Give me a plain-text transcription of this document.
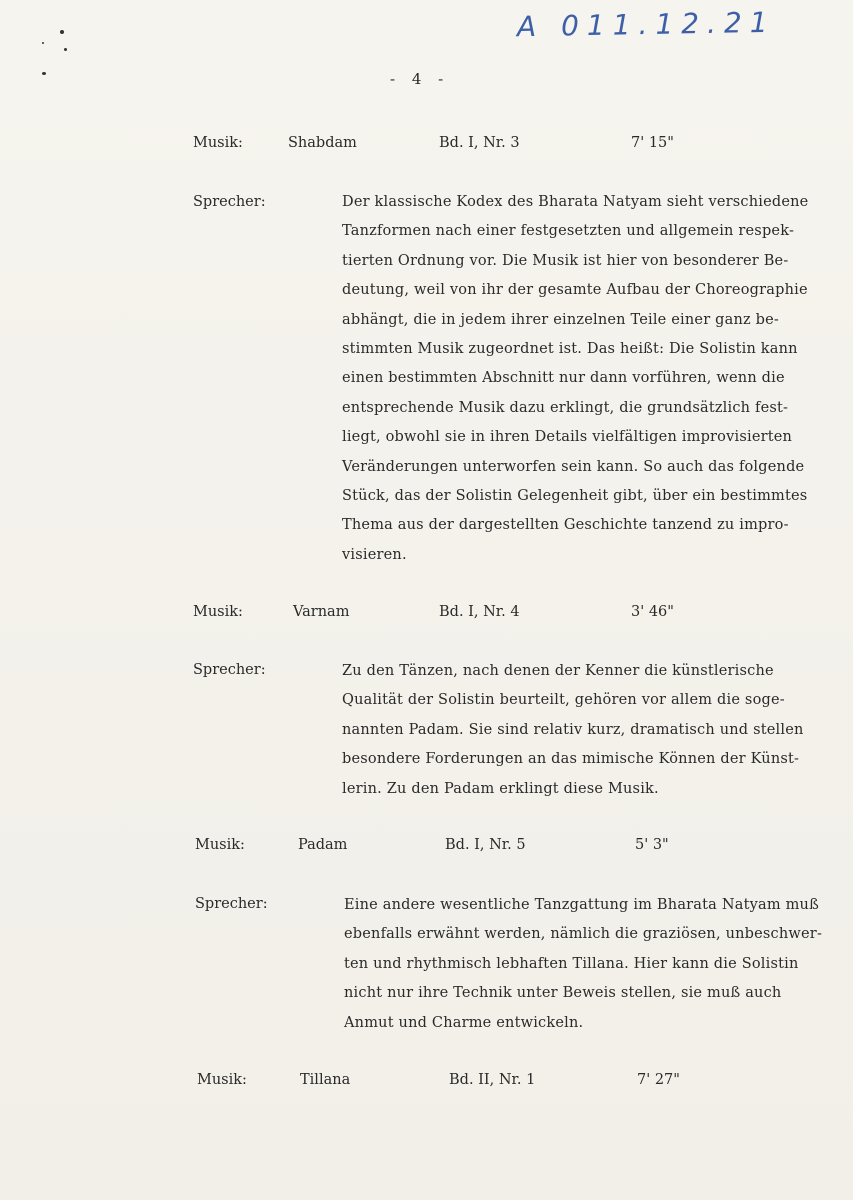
A 011.12.21
- 4 -
Musik:	Shabdam	Bd. I, Nr. 3	7' 15"
Sprecher:	Der klassische Kodex des Bharata Natyam sieht verschiedene
Tanzformen nach einer festgesetzten und allgemein respek-
tierten Ordnung vor. Die Musik ist hier von besonderer Be-
deutung, weil von ihr der gesamte Aufbau der Choreographie
abhängt, die in jedem ihrer einzelnen Teile einer ganz be-
stimmten Musik zugeordnet ist. Das heißt: Die Solistin kann
einen bestimmten Abschnitt nur dann vorführen, wenn die
entsprechende Musik dazu erklingt, die grundsätzlich fest-
liegt, obwohl sie in ihren Details vielfältigen improvisierten
Veränderungen unterworfen sein kann. So auch das folgende
Stück, das der Solistin Gelegenheit gibt, über ein bestimmtes
Thema aus der dargestellten Geschichte tanzend zu impro-
visieren.
Musik:	Varnam	Bd. I, Nr. 4	3' 46"
Sprecher:	Zu den Tänzen, nach denen der Kenner die künstlerische
Qualität der Solistin beurteilt, gehören vor allem die soge-
nannten Padam. Sie sind relativ kurz, dramatisch und stellen
besondere Forderungen an das mimische Können der Künst-
lerin. Zu den Padam erklingt diese Musik.
Musik:	Padam	Bd. I, Nr. 5	5' 3"
Sprecher:	Eine andere wesentliche Tanzgattung im Bharata Natyam muß
ebenfalls erwähnt werden, nämlich die graziösen, unbeschwer-
ten und rhythmisch lebhaften Tillana. Hier kann die Solistin
nicht nur ihre Technik unter Beweis stellen, sie muß auch
Anmut und Charme entwickeln.
Musik:	Tillana	Bd. II, Nr. 1	7' 27"
